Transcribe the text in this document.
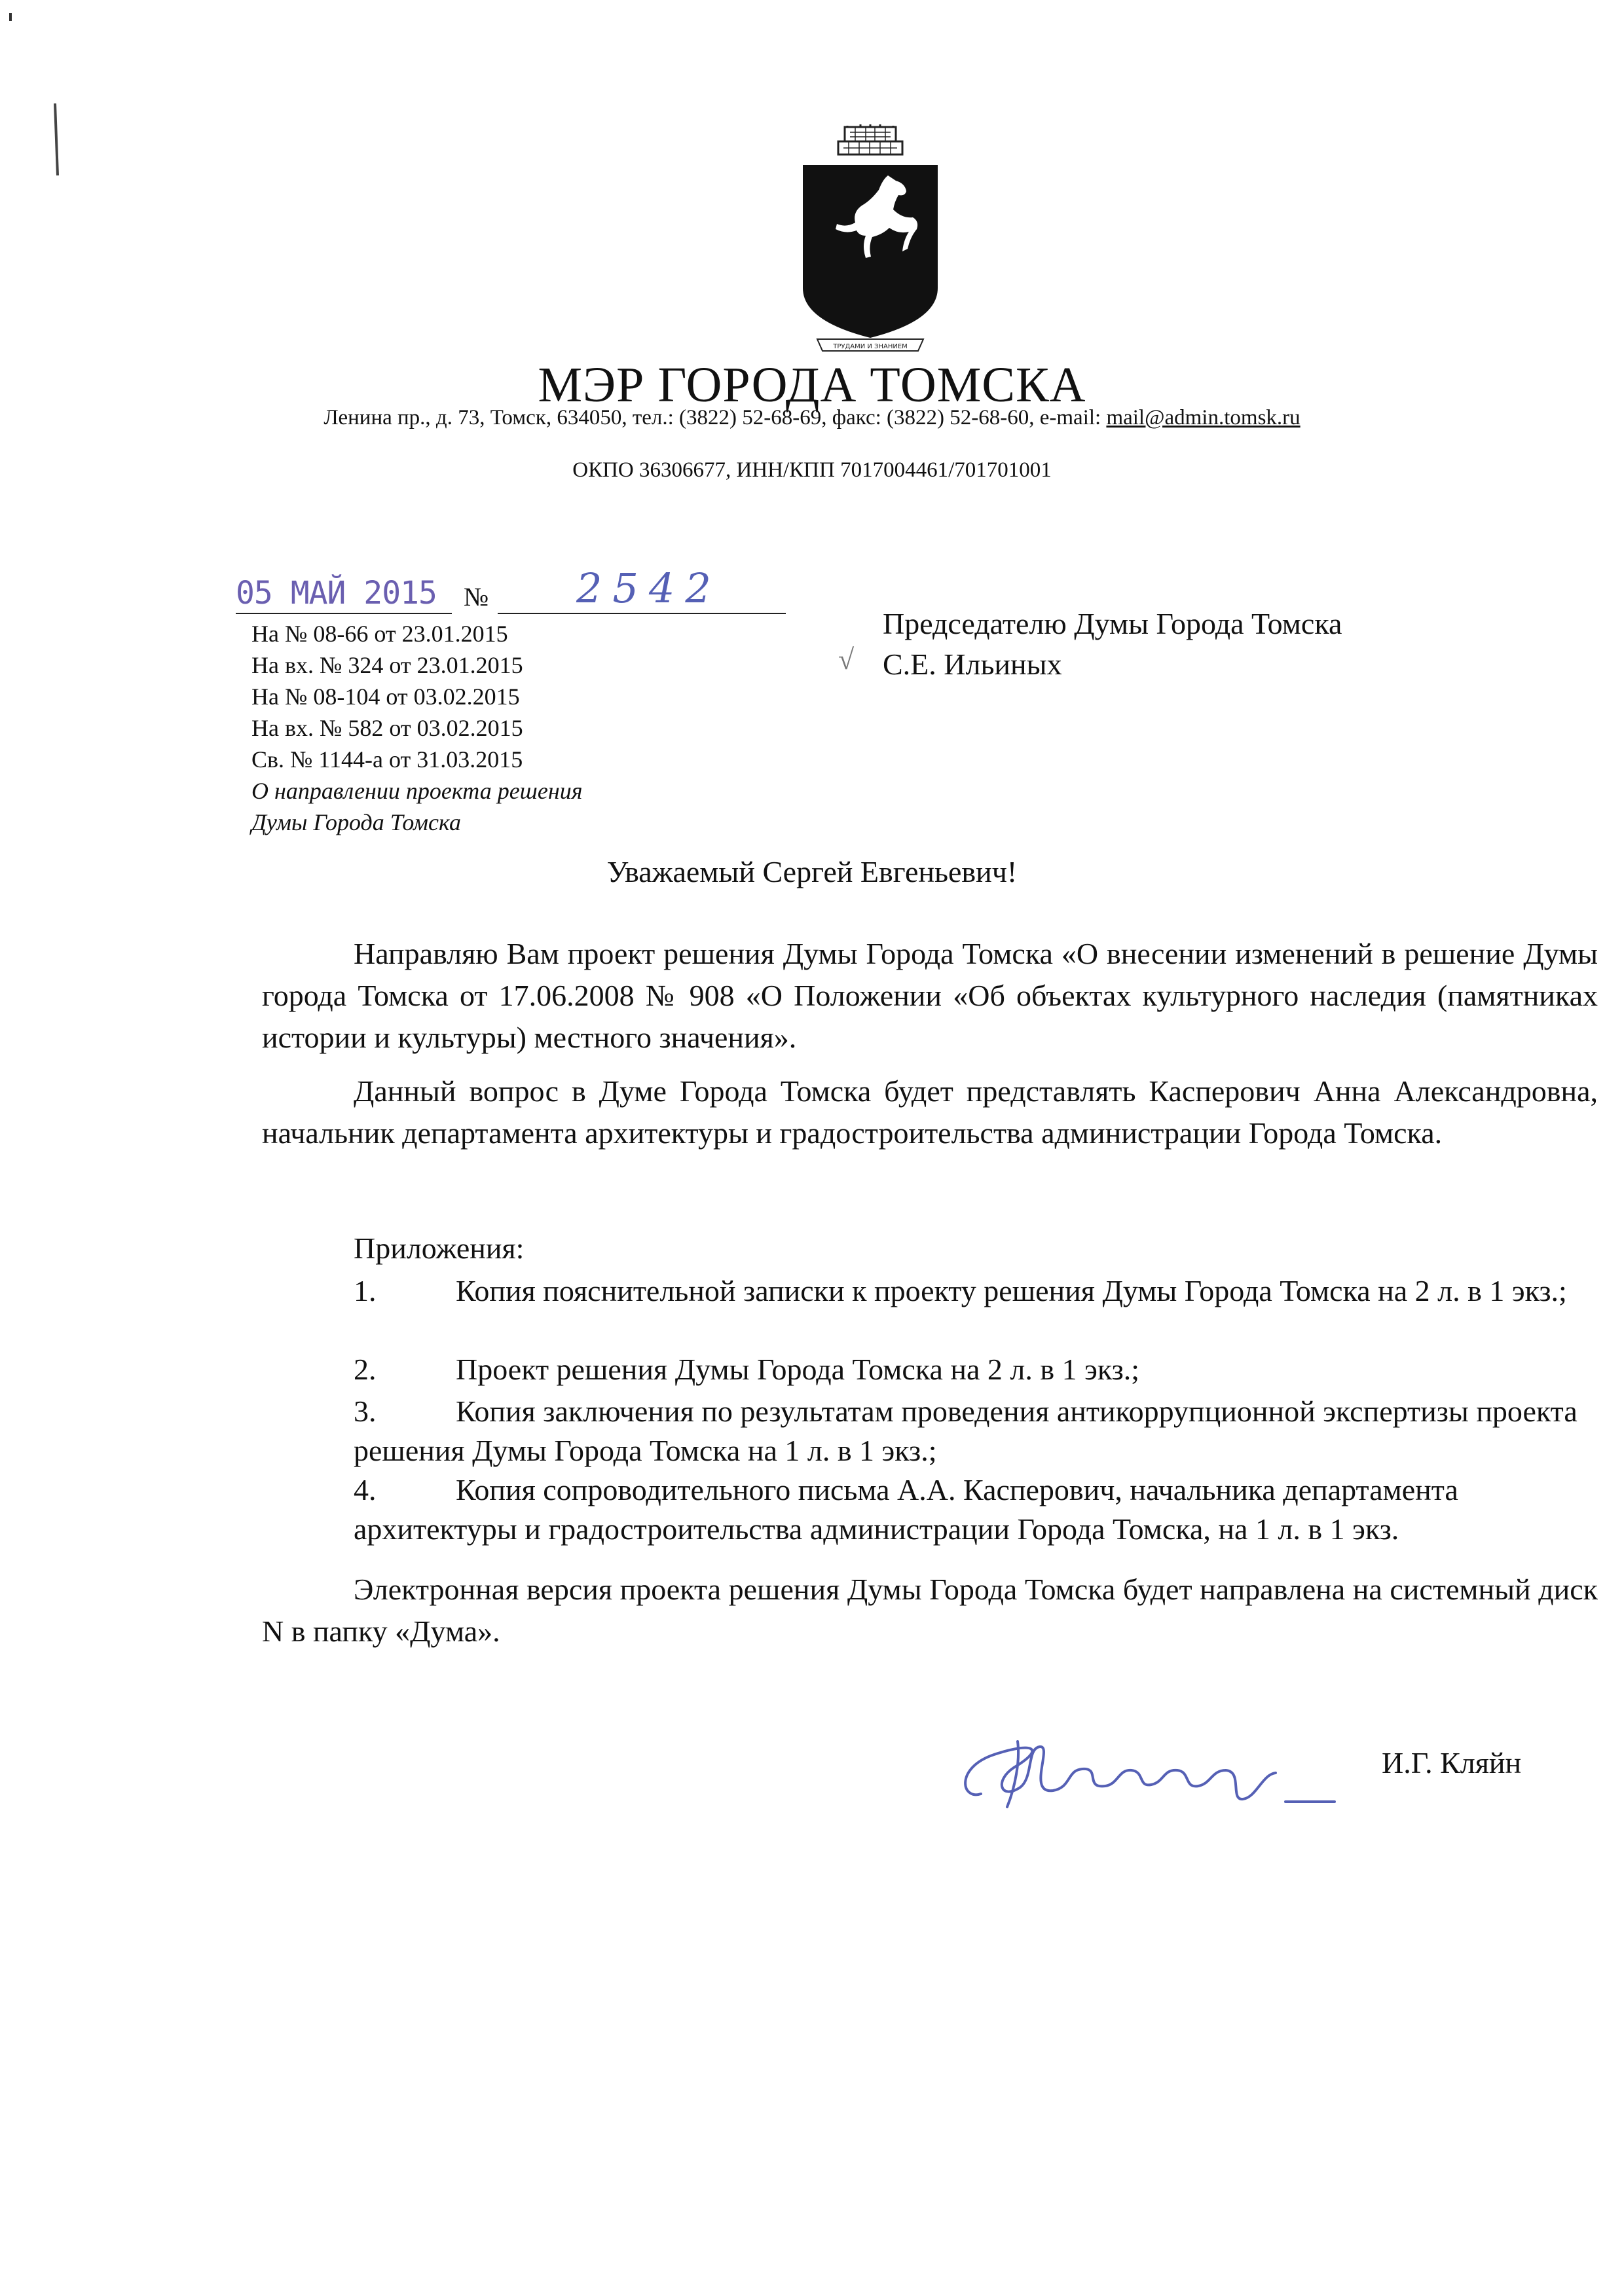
ТРУДАМИ И ЗНАНИЕМ
МЭР ГОРОДА ТОМСКА
Ленина пр., д. 73, Томск, 634050, тел.: (3822) 52-68-69, факс: (3822) 52-68-60, e-mail: mail@admin.tomsk.ru
ОКПО 36306677, ИНН/КПП 7017004461/701701001
05 МАЙ 2015 № 2542
На № 08-66 от 23.01.2015
На вх. № 324 от 23.01.2015
На № 08-104 от 03.02.2015
На вх. № 582 от 03.02.2015
Св. № 1144-а от 31.03.2015
О направлении проекта решения
Думы Города Томска
√
Председателю Думы Города Томска
С.Е. Ильиных
Уважаемый Сергей Евгеньевич!
Направляю Вам проект решения Думы Города Томска «О внесении изменений в решение Думы города Томска от 17.06.2008 № 908 «О Положении «Об объектах культурного наследия (памятниках истории и культуры) местного значения».
Данный вопрос в Думе Города Томска будет представлять Касперович Анна Александровна, начальник департамента архитектуры и градостроительства администрации Города Томска.
Приложения:
1.	Копия пояснительной записки к проекту решения Думы Города Томска на 2 л. в 1 экз.;
2.	Проект решения Думы Города Томска на 2 л. в 1 экз.;
3.	Копия заключения по результатам проведения антикоррупционной экспертизы проекта решения Думы Города Томска на 1 л. в 1 экз.;
4.	Копия сопроводительного письма А.А. Касперович, начальника департамента архитектуры и градостроительства администрации Города Томска, на 1 л. в 1 экз.
Электронная версия проекта решения Думы Города Томска будет направлена на системный диск N в папку «Дума».
И.Г. Кляйн
